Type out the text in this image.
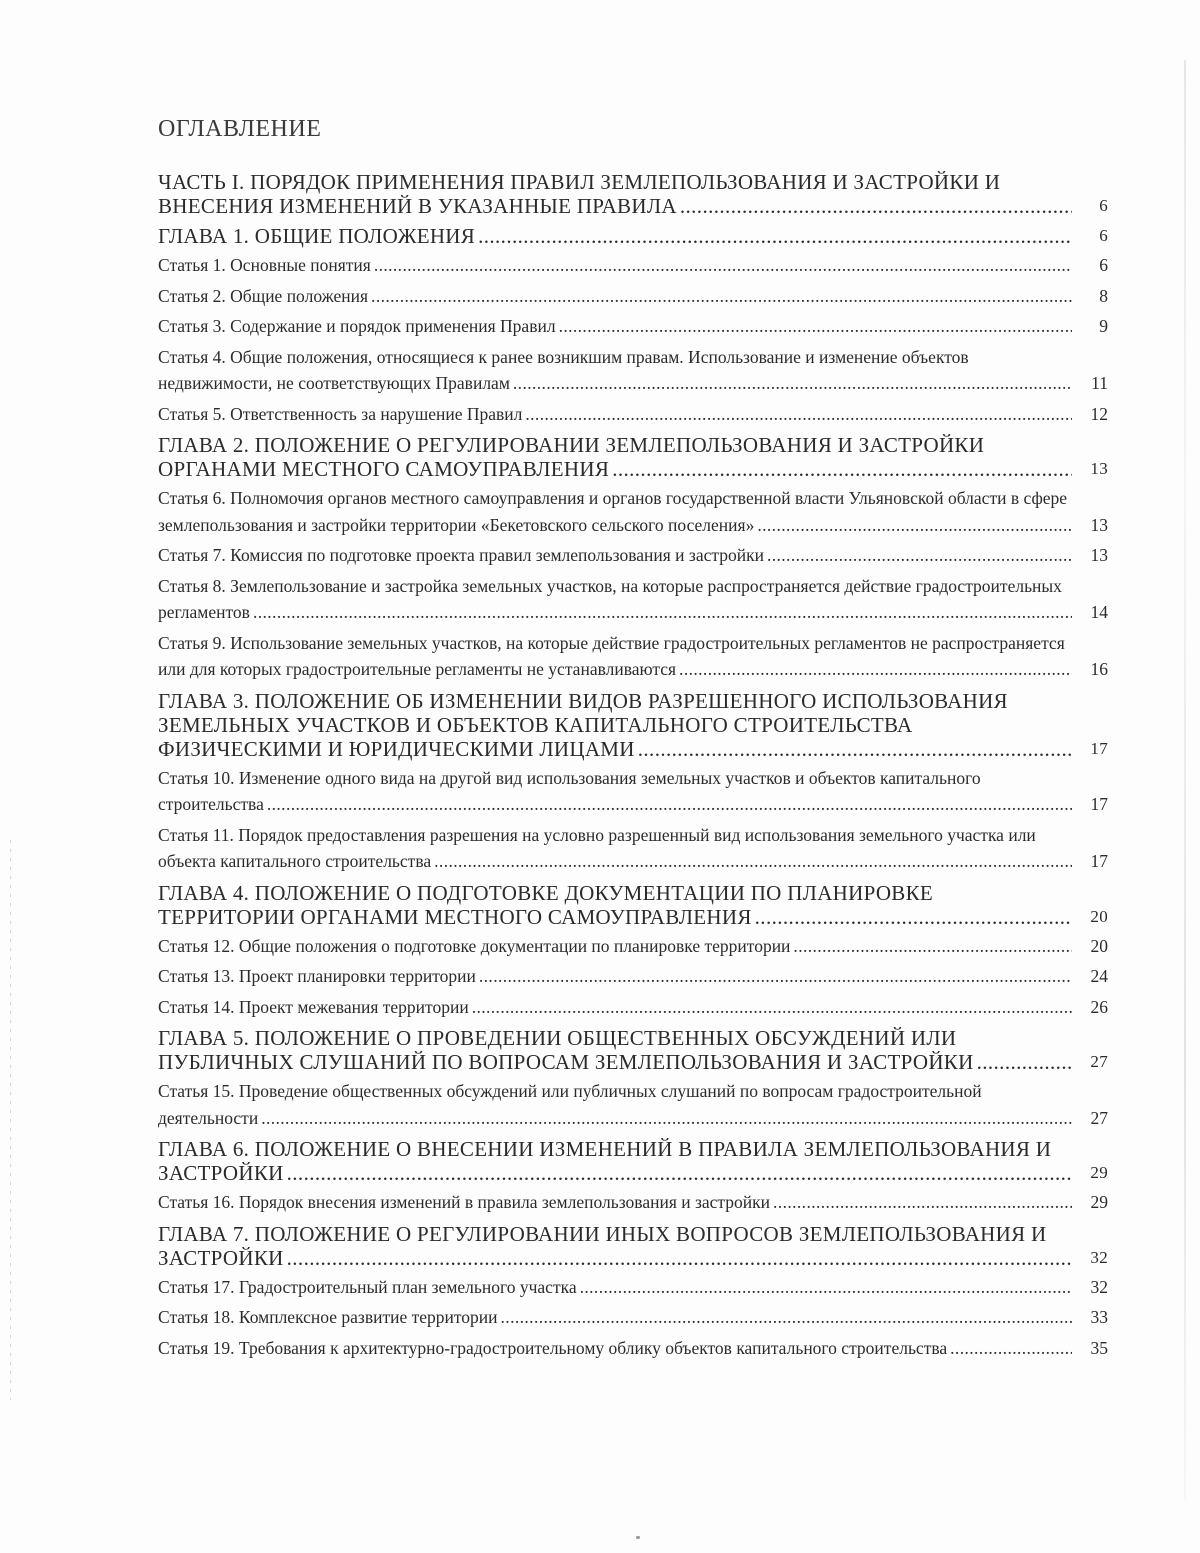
ОГЛАВЛЕНИЕ
ЧАСТЬ I. ПОРЯДОК ПРИМЕНЕНИЯ ПРАВИЛ ЗЕМЛЕПОЛЬЗОВАНИЯ И ЗАСТРОЙКИ И ВНЕСЕНИЯ ИЗМЕНЕНИЙ В УКАЗАННЫЕ ПРАВИЛА .....	6
ГЛАВА 1. ОБЩИЕ ПОЛОЖЕНИЯ .....	6
Статья 1. Основные понятия .....	6
Статья 2. Общие положения .....	8
Статья 3. Содержание и порядок применения Правил .....	9
Статья 4. Общие положения, относящиеся к ранее возникшим правам. Использование и изменение объектов недвижимости, не соответствующих Правилам .....	11
Статья 5. Ответственность за нарушение Правил .....	12
ГЛАВА 2. ПОЛОЖЕНИЕ О РЕГУЛИРОВАНИИ ЗЕМЛЕПОЛЬЗОВАНИЯ И ЗАСТРОЙКИ ОРГАНАМИ МЕСТНОГО САМОУПРАВЛЕНИЯ .....	13
Статья 6. Полномочия органов местного самоуправления и органов государственной власти Ульяновской области в сфере землепользования и застройки территории «Бекетовского сельского поселения» .....	13
Статья 7. Комиссия по подготовке проекта правил землепользования и застройки .....	13
Статья 8. Землепользование и застройка земельных участков, на которые распространяется действие градостроительных регламентов .....	14
Статья 9. Использование земельных участков, на которые действие градостроительных регламентов не распространяется или для которых градостроительные регламенты не устанавливаются .....	16
ГЛАВА 3. ПОЛОЖЕНИЕ ОБ ИЗМЕНЕНИИ ВИДОВ РАЗРЕШЕННОГО ИСПОЛЬЗОВАНИЯ ЗЕМЕЛЬНЫХ УЧАСТКОВ И ОБЪЕКТОВ КАПИТАЛЬНОГО СТРОИТЕЛЬСТВА ФИЗИЧЕСКИМИ И ЮРИДИЧЕСКИМИ ЛИЦАМИ .....	17
Статья 10. Изменение одного вида на другой вид использования земельных участков и объектов капитального строительства .....	17
Статья 11. Порядок предоставления разрешения на условно разрешенный вид использования земельного участка или объекта капитального строительства .....	17
ГЛАВА 4. ПОЛОЖЕНИЕ О ПОДГОТОВКЕ ДОКУМЕНТАЦИИ ПО ПЛАНИРОВКЕ ТЕРРИТОРИИ ОРГАНАМИ МЕСТНОГО САМОУПРАВЛЕНИЯ .....	20
Статья 12. Общие положения о подготовке документации по планировке территории .....	20
Статья 13. Проект планировки территории .....	24
Статья 14. Проект межевания территории .....	26
ГЛАВА 5. ПОЛОЖЕНИЕ О ПРОВЕДЕНИИ ОБЩЕСТВЕННЫХ ОБСУЖДЕНИЙ ИЛИ ПУБЛИЧНЫХ СЛУШАНИЙ ПО ВОПРОСАМ ЗЕМЛЕПОЛЬЗОВАНИЯ И ЗАСТРОЙКИ .....	27
Статья 15. Проведение общественных обсуждений или публичных слушаний по вопросам градостроительной деятельности .....	27
ГЛАВА 6. ПОЛОЖЕНИЕ О ВНЕСЕНИИ ИЗМЕНЕНИЙ В ПРАВИЛА ЗЕМЛЕПОЛЬЗОВАНИЯ И ЗАСТРОЙКИ .....	29
Статья 16. Порядок внесения изменений в правила землепользования и застройки .....	29
ГЛАВА 7. ПОЛОЖЕНИЕ О РЕГУЛИРОВАНИИ ИНЫХ ВОПРОСОВ ЗЕМЛЕПОЛЬЗОВАНИЯ И ЗАСТРОЙКИ .....	32
Статья 17. Градостроительный план земельного участка .....	32
Статья 18. Комплексное развитие территории .....	33
Статья 19. Требования к архитектурно-градостроительному облику объектов капитального строительства .....	35
